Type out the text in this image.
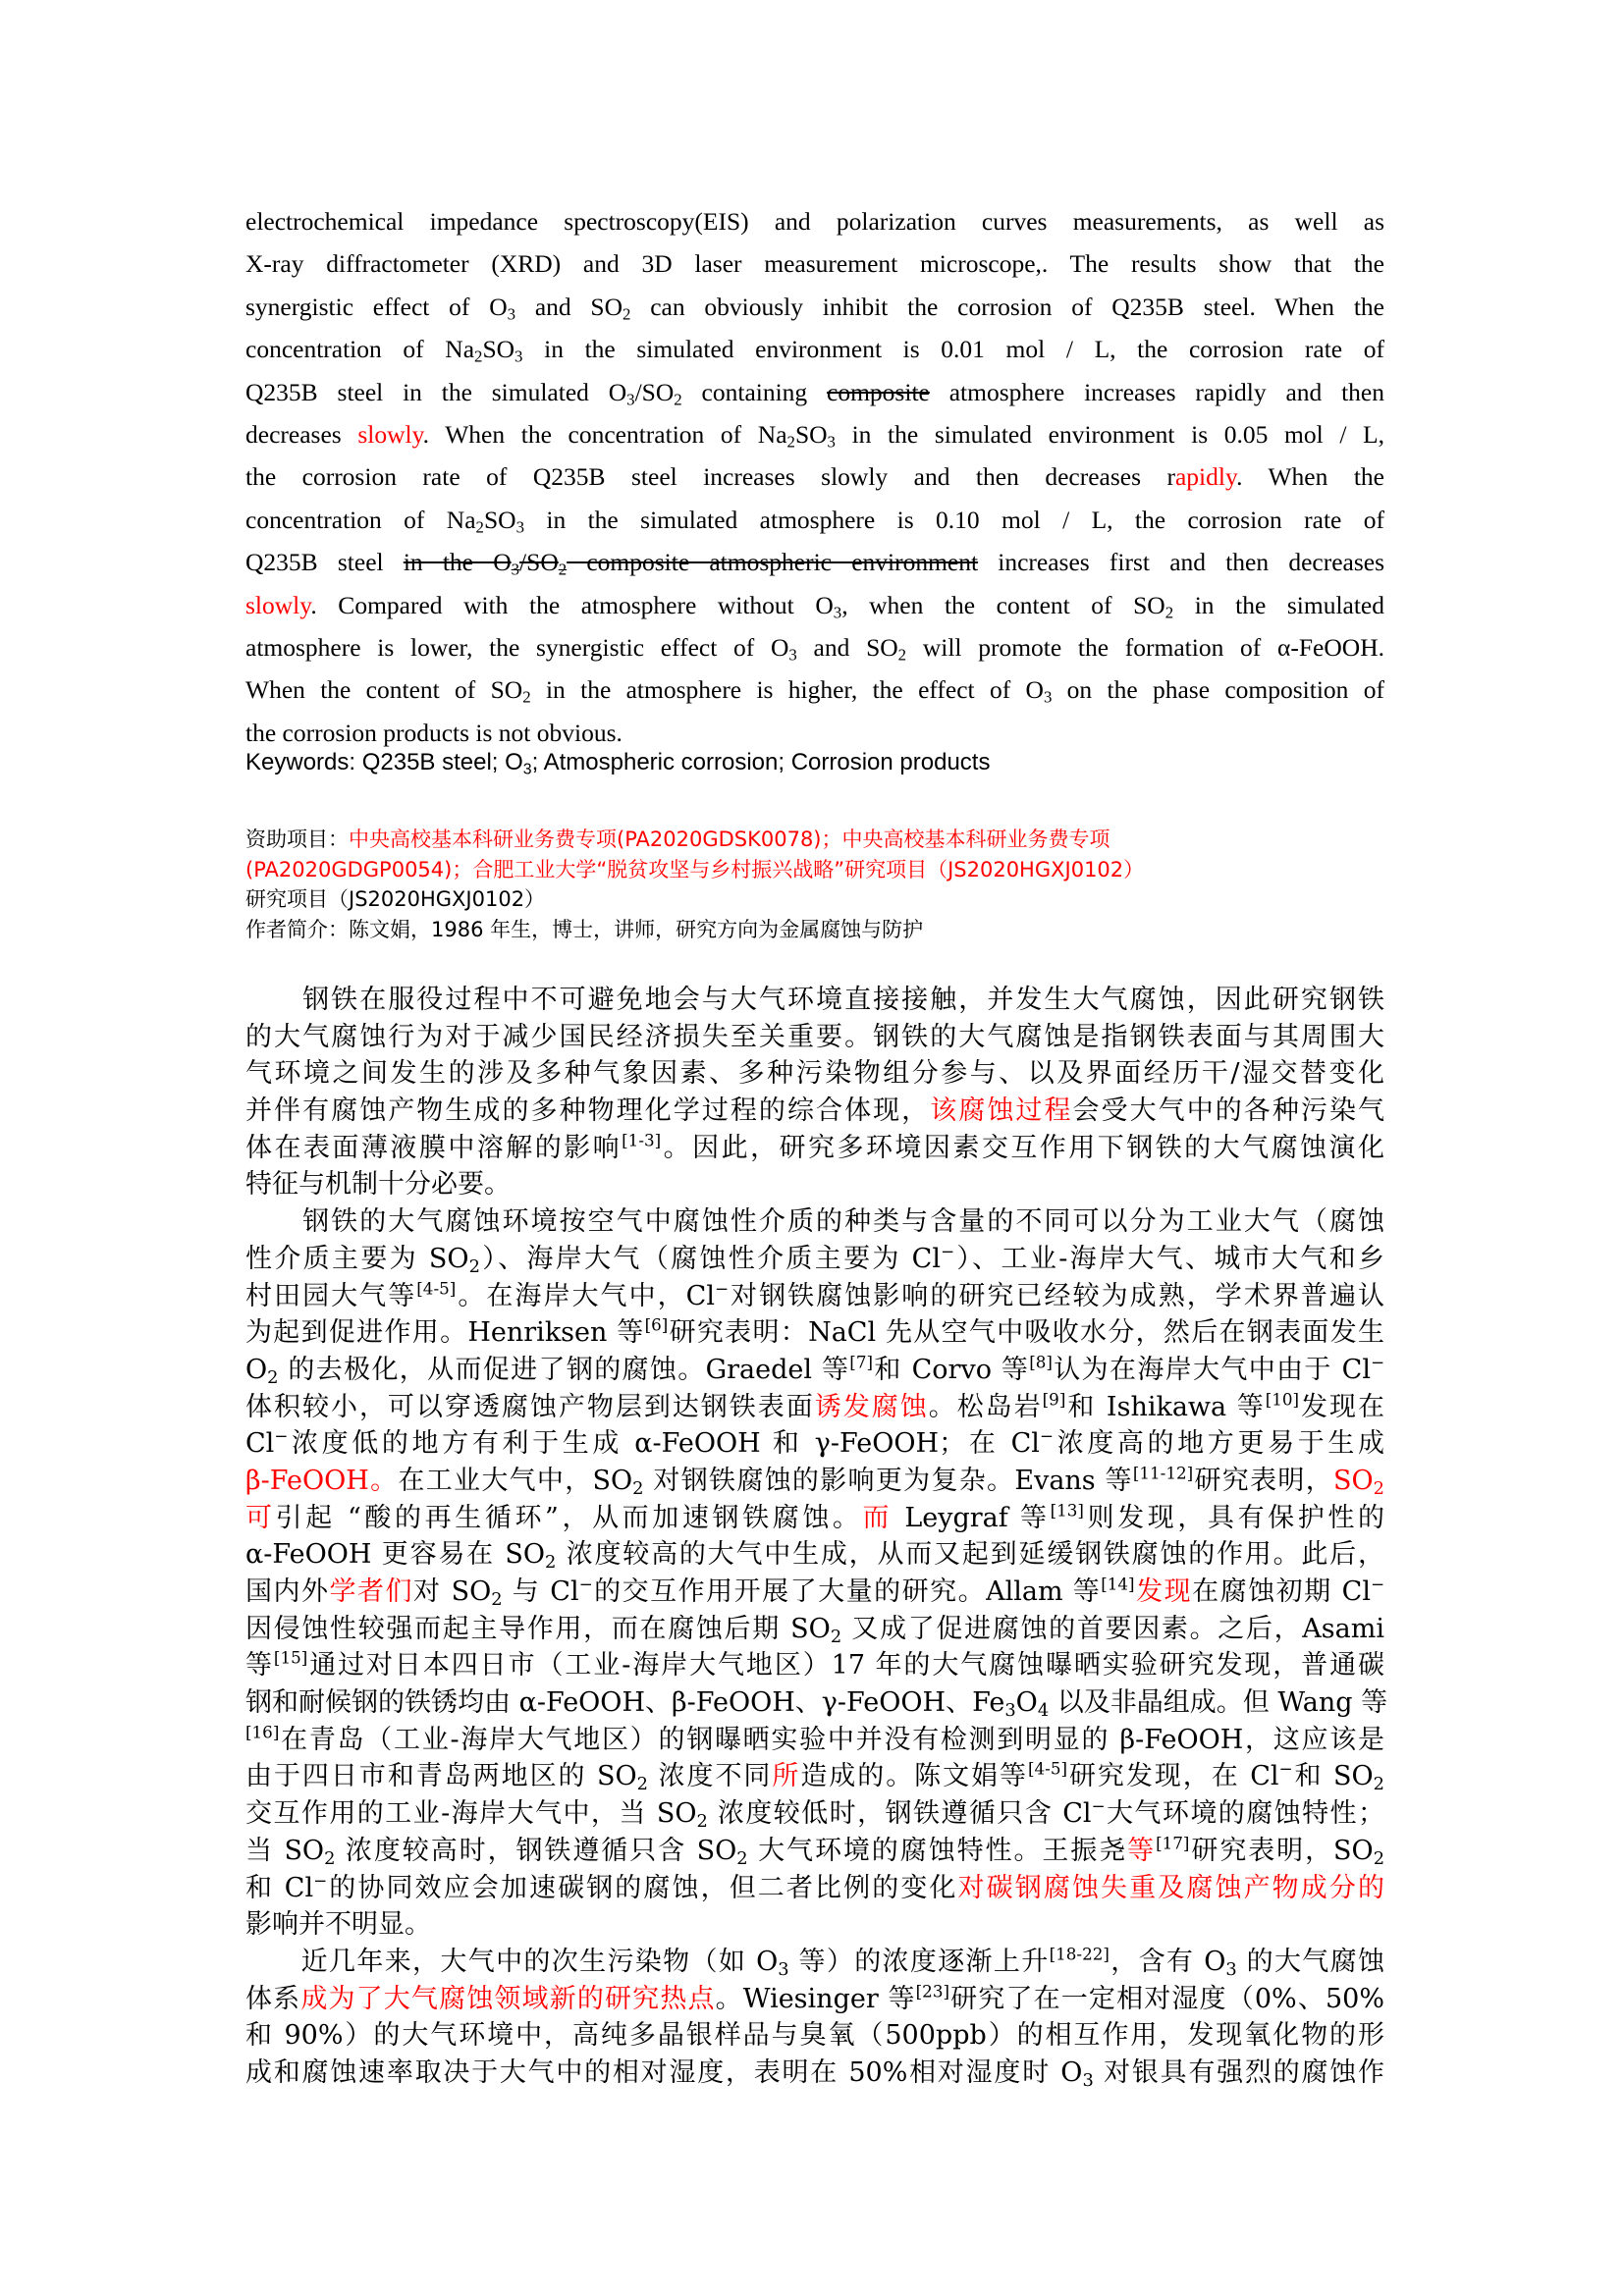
electrochemical impedance spectroscopy(EIS) and polarization curves measurements, as well as
X-ray diffractometer (XRD) and 3D laser measurement microscope,. The results show that the
synergistic effect of $O_3$ and $SO_2$ can obviously inhibit the corrosion of Q235B steel. When the
concentration of $Na_2SO_3$ in the simulated environment is 0.01 mol / L, the corrosion rate of
Q235B steel in the simulated $O_3/SO_2$ containing composite atmosphere increases rapidly and then
decreases slowly. When the concentration of $Na_2SO_3$ in the simulated environment is 0.05 mol / L,
the corrosion rate of Q235B steel increases slowly and then decreases rapidly. When the
concentration of $Na_2SO_3$ in the simulated atmosphere is 0.10 mol / L, the corrosion rate of
Q235B steel in the $O_3/SO_2$ composite atmospheric environment increases first and then decreases
slowly. Compared with the atmosphere without $O_3$, when the content of $SO_2$ in the simulated
atmosphere is lower, the synergistic effect of $O_3$ and $SO_2$ will promote the formation of α-FeOOH.
When the content of $SO_2$ in the atmosphere is higher, the effect of $O_3$ on the phase composition of
the corrosion products is not obvious.
Keywords: Q235B steel; $O_3$; Atmospheric corrosion; Corrosion products
资助项目：中央高校基本科研业务费专项(PA2020GDSK0078)；中央高校基本科研业务费专项
(PA2020GDGP0054)；合肥工业大学“脱贫攻坚与乡村振兴战略”研究项目（JS2020HGXJ0102）
研究项目（JS2020HGXJ0102）
作者简介：陈文娟，1986 年生，博士，讲师，研究方向为金属腐蚀与防护
　　钢铁在服役过程中不可避免地会与大气环境直接接触，并发生大气腐蚀，因此研究钢铁
的大气腐蚀行为对于减少国民经济损失至关重要。钢铁的大气腐蚀是指钢铁表面与其周围大
气环境之间发生的涉及多种气象因素、多种污染物组分参与、以及界面经历干/湿交替变化
并伴有腐蚀产物生成的多种物理化学过程的综合体现，该腐蚀过程会受大气中的各种污染气
体在表面薄液膜中溶解的影响[1-3]。因此，研究多环境因素交互作用下钢铁的大气腐蚀演化
特征与机制十分必要。
　　钢铁的大气腐蚀环境按空气中腐蚀性介质的种类与含量的不同可以分为工业大气（腐蚀
性介质主要为 $SO_2$）、海岸大气（腐蚀性介质主要为 Cl−）、工业-海岸大气、城市大气和乡
村田园大气等[4-5]。在海岸大气中，Cl−对钢铁腐蚀影响的研究已经较为成熟，学术界普遍认
为起到促进作用。Henriksen 等[6]研究表明：NaCl 先从空气中吸收水分，然后在钢表面发生
$O_2$ 的去极化，从而促进了钢的腐蚀。Graedel 等[7]和 Corvo 等[8]认为在海岸大气中由于 Cl−
体积较小，可以穿透腐蚀产物层到达钢铁表面诱发腐蚀。松岛岩[9]和 Ishikawa 等[10]发现在
Cl−浓度低的地方有利于生成 α-FeOOH 和 γ-FeOOH；在 Cl−浓度高的地方更易于生成
β-FeOOH。在工业大气中，$SO_2$ 对钢铁腐蚀的影响更为复杂。Evans 等[11-12]研究表明，$SO_2$
可引起 “酸的再生循环”，从而加速钢铁腐蚀。而 Leygraf 等[13]则发现，具有保护性的
α-FeOOH 更容易在 $SO_2$ 浓度较高的大气中生成，从而又起到延缓钢铁腐蚀的作用。此后，
国内外学者们对 $SO_2$ 与 Cl−的交互作用开展了大量的研究。Allam 等[14]发现在腐蚀初期 Cl−
因侵蚀性较强而起主导作用，而在腐蚀后期 $SO_2$ 又成了促进腐蚀的首要因素。之后，Asami
等[15]通过对日本四日市（工业-海岸大气地区）17 年的大气腐蚀曝晒实验研究发现，普通碳
钢和耐候钢的铁锈均由 α-FeOOH、β-FeOOH、γ-FeOOH、$Fe_3O_4$ 以及非晶组成。但 Wang 等
[16]在青岛（工业-海岸大气地区）的钢曝晒实验中并没有检测到明显的 β-FeOOH，这应该是
由于四日市和青岛两地区的 $SO_2$ 浓度不同所造成的。陈文娟等[4-5]研究发现，在 Cl−和 $SO_2$
交互作用的工业-海岸大气中，当 $SO_2$ 浓度较低时，钢铁遵循只含 Cl−大气环境的腐蚀特性；
当 $SO_2$ 浓度较高时，钢铁遵循只含 $SO_2$ 大气环境的腐蚀特性。王振尧等[17]研究表明，$SO_2$
和 Cl−的协同效应会加速碳钢的腐蚀，但二者比例的变化对碳钢腐蚀失重及腐蚀产物成分的
影响并不明显。
　　近几年来，大气中的次生污染物（如 $O_3$ 等）的浓度逐渐上升[18-22]，含有 $O_3$ 的大气腐蚀
体系成为了大气腐蚀领域新的研究热点。Wiesinger 等[23]研究了在一定相对湿度（0%、50%
和 90%）的大气环境中，高纯多晶银样品与臭氧（500ppb）的相互作用，发现氧化物的形
成和腐蚀速率取决于大气中的相对湿度，表明在 50%相对湿度时 $O_3$ 对银具有强烈的腐蚀作
